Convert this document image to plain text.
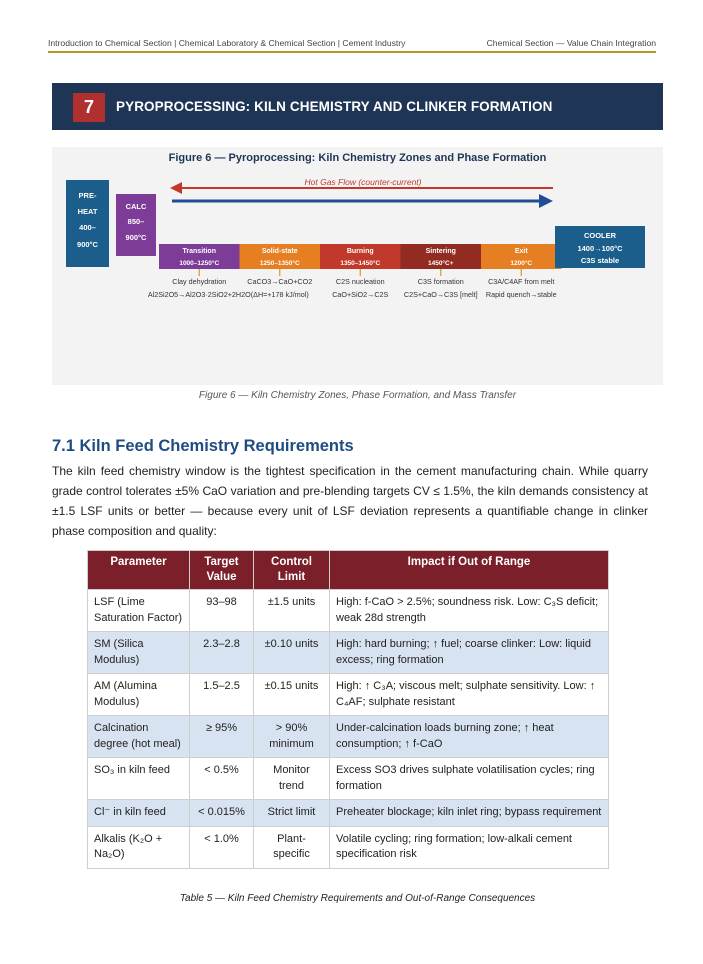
Introduction to Chemical Section | Chemical Laboratory & Chemical Section | Cement Industry	Chemical Section — Value Chain Integration
7	PYROPROCESSING: KILN CHEMISTRY AND CLINKER FORMATION
Figure 6 — Pyroprocessing: Kiln Chemistry Zones and Phase Formation
Hot Gas Flow (counter-current)
PRE-
HEAT
400–
900°C
CALC
850–
900°C
Transition
1000–1250°C
Clay dehydration
Al2Si2O5→Al2O3·2SiO2+2H2O
Solid-state
1250–1350°C
CaCO3→CaO+CO2
(ΔH=+178 kJ/mol)
Burning
1350–1450°C
C2S nucleation
CaO+SiO2→C2S
Sintering
1450°C+
C3S formation
C2S+CaO→C3S [melt]
Exit
1200°C
C3A/C4AF from melt
Rapid quench→stable
COOLER
1400→100°C
C3S stable
Figure 6 — Kiln Chemistry Zones, Phase Formation, and Mass Transfer
7.1 Kiln Feed Chemistry Requirements
The kiln feed chemistry window is the tightest specification in the cement manufacturing chain. While quarry grade control tolerates ±5% CaO variation and pre-blending targets CV ≤ 1.5%, the kiln demands consistency at ±1.5 LSF units or better — because every unit of LSF deviation represents a quantifiable change in clinker phase composition and quality:
Parameter	Target Value	Control Limit	Impact if Out of Range
LSF (Lime Saturation Factor)	93–98	±1.5 units	High: f-CaO > 2.5%; soundness risk. Low: C₃S deficit; weak 28d strength
SM (Silica Modulus)	2.3–2.8	±0.10 units	High: hard burning; ↑ fuel; coarse clinker: Low: liquid excess; ring formation
AM (Alumina Modulus)	1.5–2.5	±0.15 units	High: ↑ C₃A; viscous melt; sulphate sensitivity. Low: ↑ C₄AF; sulphate resistant
Calcination degree (hot meal)	≥ 95%	> 90% minimum	Under-calcination loads burning zone; ↑ heat consumption; ↑ f-CaO
SO₃ in kiln feed	< 0.5%	Monitor trend	Excess SO3 drives sulphate volatilisation cycles; ring formation
Cl⁻ in kiln feed	< 0.015%	Strict limit	Preheater blockage; kiln inlet ring; bypass requirement
Alkalis (K₂O + Na₂O)	< 1.0%	Plant-specific	Volatile cycling; ring formation; low-alkali cement specification risk
Table 5 — Kiln Feed Chemistry Requirements and Out-of-Range Consequences
